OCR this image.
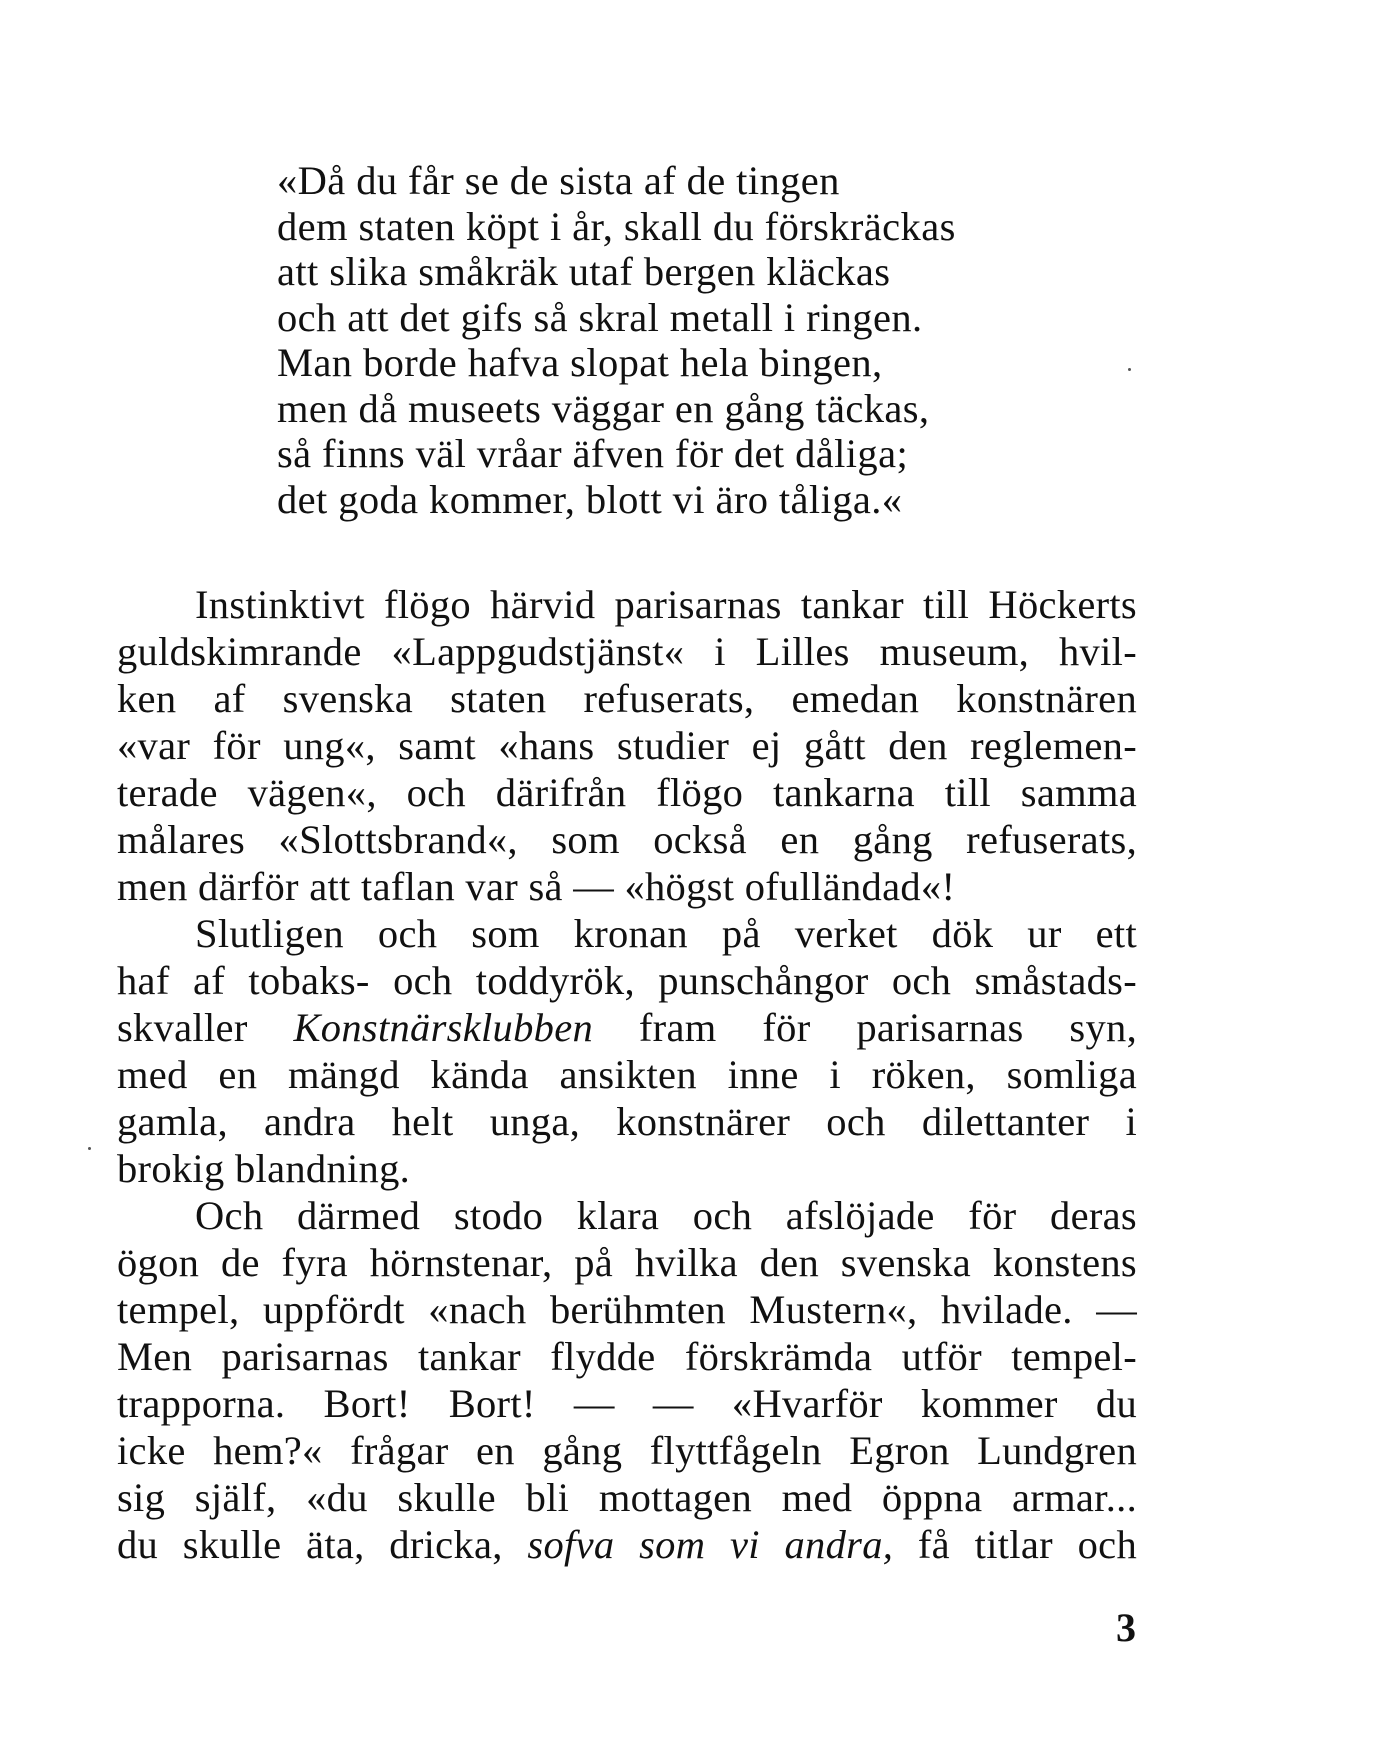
«Då du får se de sista af de tingen
dem staten köpt i år, skall du förskräckas
att slika småkräk utaf bergen kläckas
och att det gifs så skral metall i ringen.
Man borde hafva slopat hela bingen,
men då museets väggar en gång täckas,
så finns väl vråar äfven för det dåliga;
det goda kommer, blott vi äro tåliga.«
Instinktivt flögo härvid parisarnas tankar till Höckerts
guldskimrande «Lappgudstjänst« i Lilles museum, hvil-
ken af svenska staten refuserats, emedan konstnären
«var för ung«, samt «hans studier ej gått den reglemen-
terade vägen«, och därifrån flögo tankarna till samma
målares «Slottsbrand«, som också en gång refuserats,
men därför att taflan var så — «högst ofulländad«!
Slutligen och som kronan på verket dök ur ett
haf af tobaks- och toddyrök, punschångor och småstads-
skvaller Konstnärsklubben fram för parisarnas syn,
med en mängd kända ansikten inne i röken, somliga
gamla, andra helt unga, konstnärer och dilettanter i
brokig blandning.
Och därmed stodo klara och afslöjade för deras
ögon de fyra hörnstenar, på hvilka den svenska konstens
tempel, uppfördt «nach berühmten Mustern«, hvilade. —
Men parisarnas tankar flydde förskrämda utför tempel-
trapporna. Bort! Bort! — — «Hvarför kommer du
icke hem?« frågar en gång flyttfågeln Egron Lundgren
sig själf, «du skulle bli mottagen med öppna armar...
du skulle äta, dricka, sofva som vi andra, få titlar och
3
